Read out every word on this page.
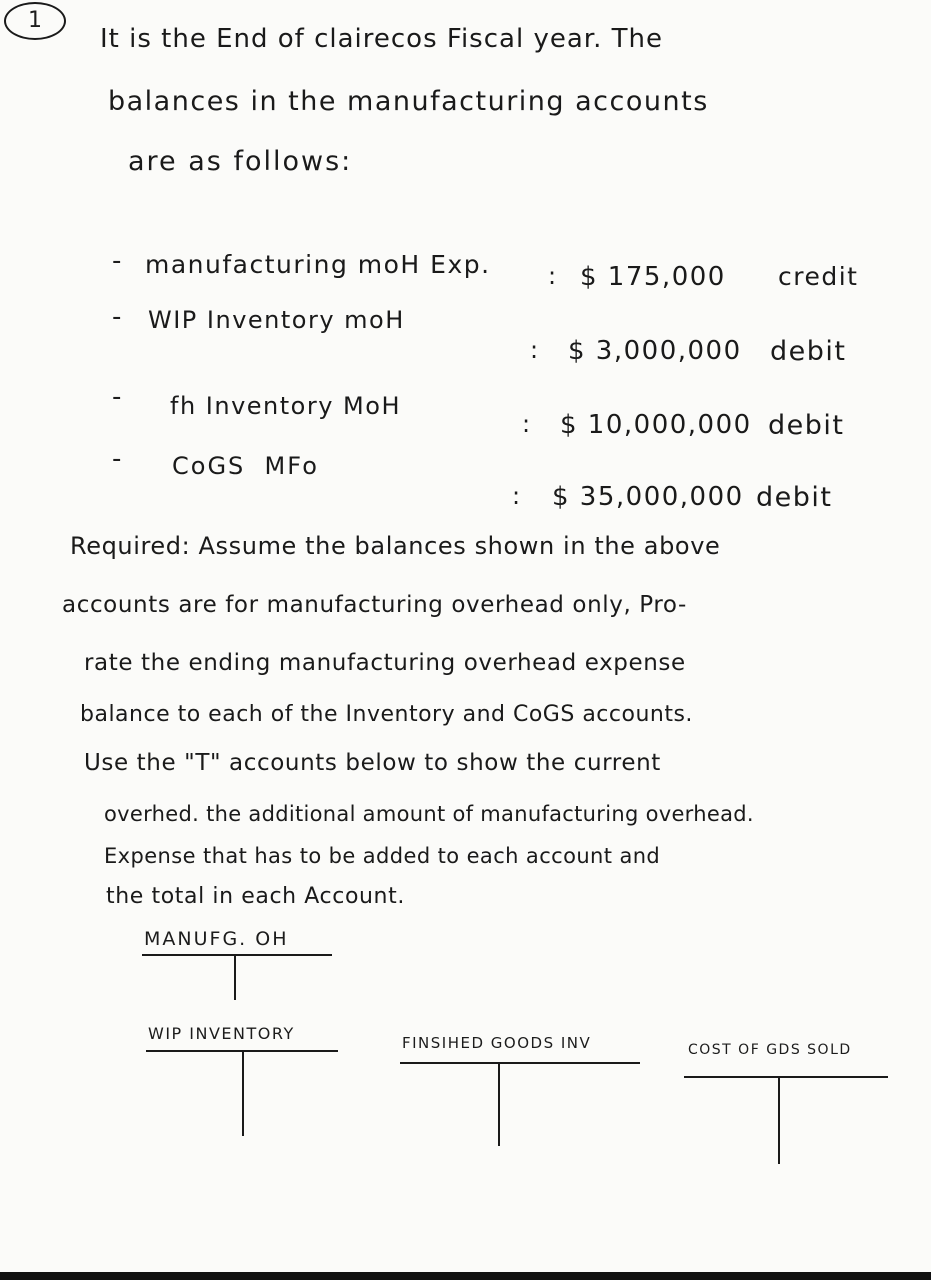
1
It is the End of clairecos Fiscal year. The
balances in the manufacturing accounts
are as follows:
- manufacturing moH Exp. : $ 175,000 credit
- WIP Inventory moH
: $ 3,000,000 debit
- fh Inventory MoH
: $ 10,000,000 debit
- CoGS  MFo
: $ 35,000,000 debit
Required: Assume the balances shown in the above
accounts are for manufacturing overhead only, Pro-
rate the ending manufacturing overhead expense
balance to each of the Inventory and CoGS accounts.
Use the "T" accounts below to show the current
overhed. the additional amount of manufacturing overhead.
Expense that has to be added to each account and
the total in each Account.
MANUFG. OH
WIP INVENTORY	FINSIHED GOODS INV	COST OF GDS SOLD
